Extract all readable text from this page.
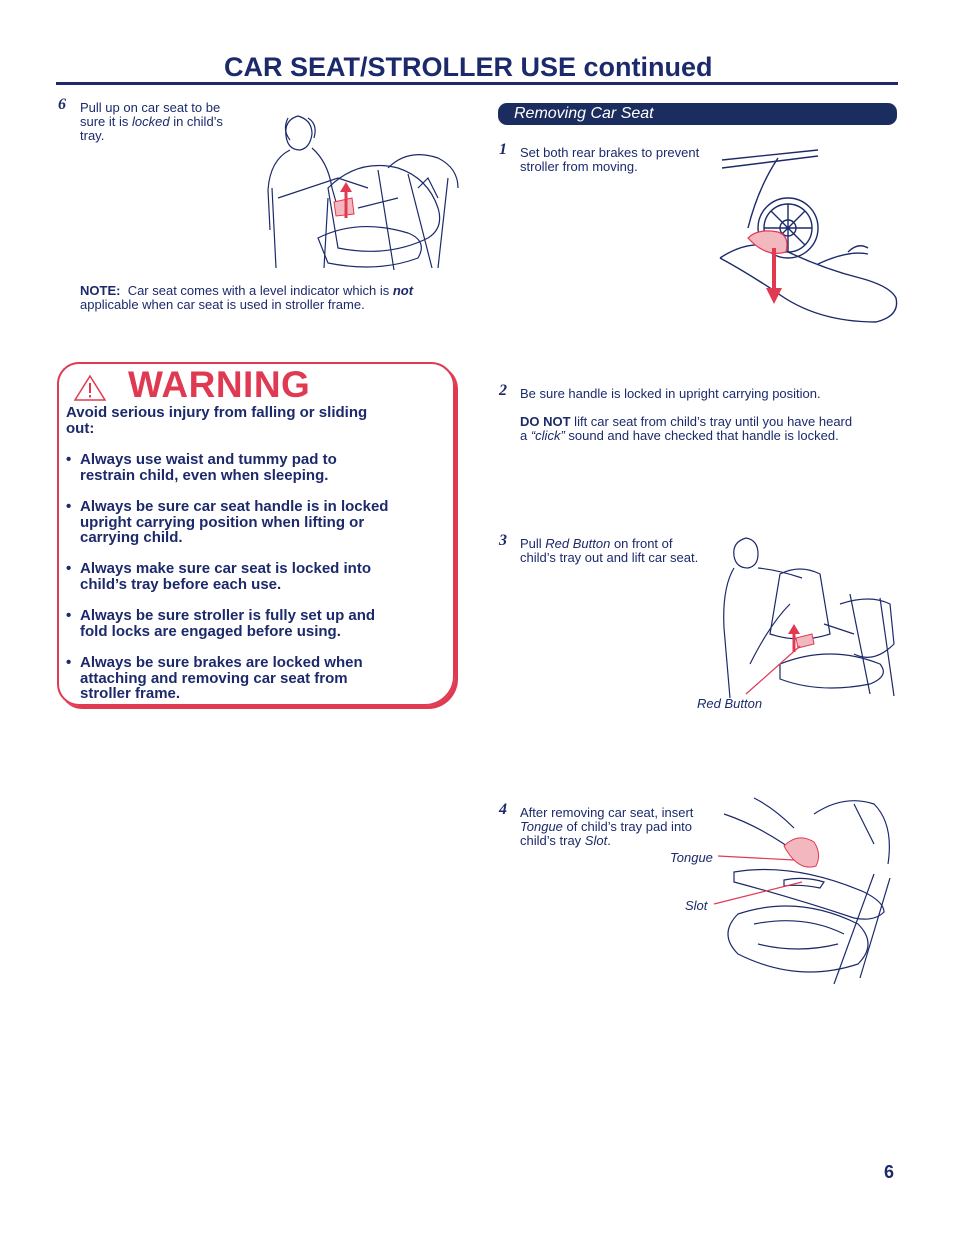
CAR SEAT/STROLLER USE continued
6 Pull up on car seat to be
sure it is locked in child’s
tray.
NOTE: Car seat comes with a level indicator which is not
applicable when car seat is used in stroller frame.
WARNING
Avoid serious injury from falling or sliding
out:
• Always use waist and tummy pad to
restrain child, even when sleeping.
• Always be sure car seat handle is in locked
upright carrying position when lifting or
carrying child.
• Always make sure car seat is locked into
child’s tray before each use.
• Always be sure stroller is fully set up and
fold locks are engaged before using.
• Always be sure brakes are locked when
attaching and removing car seat from
stroller frame.
Removing Car Seat
1 Set both rear brakes to prevent
stroller from moving.
2 Be sure handle is locked in upright carrying position.
DO NOT lift car seat from child’s tray until you have heard
a “click” sound and have checked that handle is locked.
3 Pull Red Button on front of
child’s tray out and lift car seat.
Red Button
4 After removing car seat, insert
Tongue of child’s tray pad into
child’s tray Slot.
Tongue
Slot
6
